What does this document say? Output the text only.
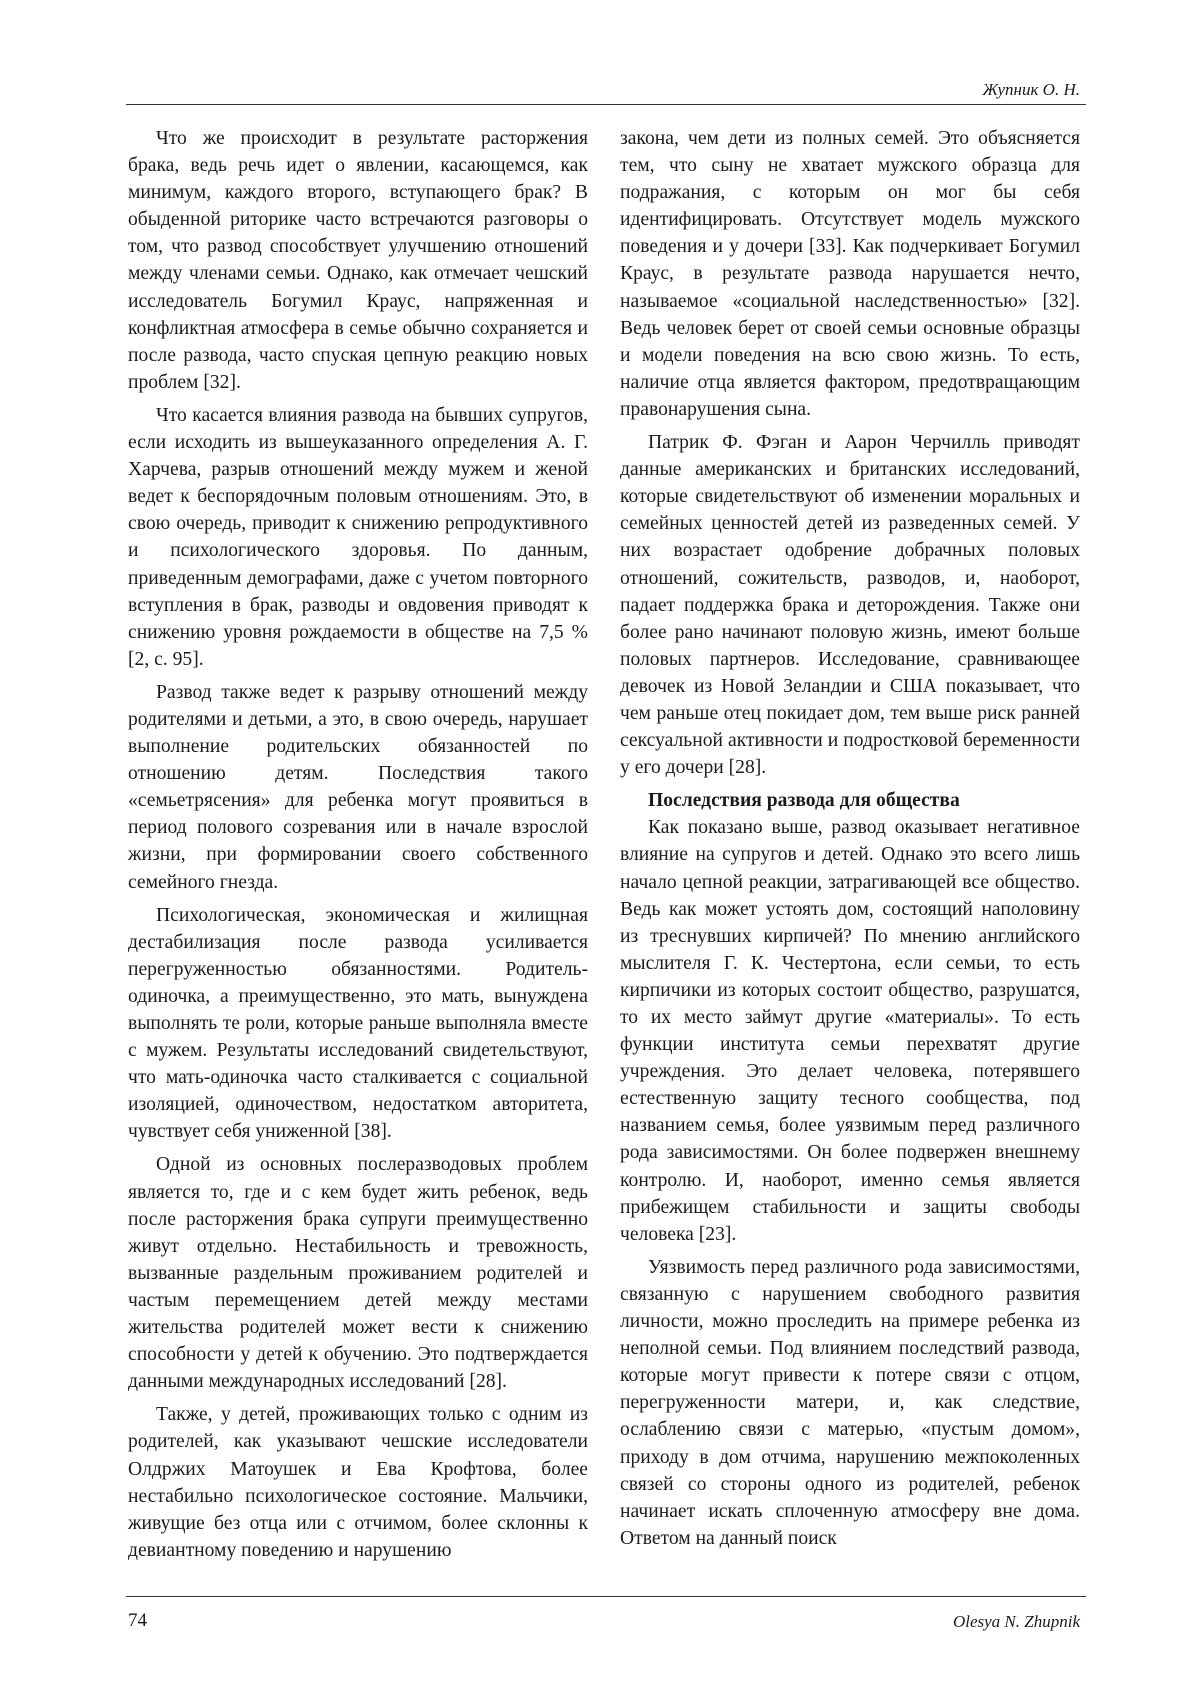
Жупник О. Н.

Что же происходит в результате расторжения брака, ведь речь идет о явлении, касающемся, как минимум, каждого второго, вступающего брак? В обыденной риторике часто встречаются разговоры о том, что развод способствует улучшению отношений между членами семьи. Однако, как отмечает чешский исследователь Богумил Краус, напряженная и конфликтная атмосфера в семье обычно сохраняется и после развода, часто спуская цепную реакцию новых проблем [32].

Что касается влияния развода на бывших супругов, если исходить из вышеуказанного определения А. Г. Харчева, разрыв отношений между мужем и женой ведет к беспорядочным половым отношениям. Это, в свою очередь, приводит к снижению репродуктивного и психологического здоровья. По данным, приведенным демографами, даже с учетом повторного вступления в брак, разводы и овдовения приводят к снижению уровня рождаемости в обществе на 7,5 % [2, с. 95].

Развод также ведет к разрыву отношений между родителями и детьми, а это, в свою очередь, нарушает выполнение родительских обязанностей по отношению детям. Последствия такого «семьетрясения» для ребенка могут проявиться в период полового созревания или в начале взрослой жизни, при формировании своего собственного семейного гнезда.

Психологическая, экономическая и жилищная дестабилизация после развода усиливается перегруженностью обязанностями. Родитель-одиночка, а преимущественно, это мать, вынуждена выполнять те роли, которые раньше выполняла вместе с мужем. Результаты исследований свидетельствуют, что мать-одиночка часто сталкивается с социальной изоляцией, одиночеством, недостатком авторитета, чувствует себя униженной [38].

Одной из основных послеразводовых проблем является то, где и с кем будет жить ребенок, ведь после расторжения брака супруги преимущественно живут отдельно. Нестабильность и тревожность, вызванные раздельным проживанием родителей и частым перемещением детей между местами жительства родителей может вести к снижению способности у детей к обучению. Это подтверждается данными международных исследований [28].

Также, у детей, проживающих только с одним из родителей, как указывают чешские исследователи Олдржих Матоушек и Ева Крофтова, более нестабильно психологическое состояние. Мальчики, живущие без отца или с отчимом, более склонны к девиантному поведению и нарушению

закона, чем дети из полных семей. Это объясняется тем, что сыну не хватает мужского образца для подражания, с которым он мог бы себя идентифицировать. Отсутствует модель мужского поведения и у дочери [33]. Как подчеркивает Богумил Краус, в результате развода нарушается нечто, называемое «социальной наследственностью» [32]. Ведь человек берет от своей семьи основные образцы и модели поведения на всю свою жизнь. То есть, наличие отца является фактором, предотвращающим правонарушения сына.

Патрик Ф. Фэган и Аарон Черчилль приводят данные американских и британских исследований, которые свидетельствуют об изменении моральных и семейных ценностей детей из разведенных семей. У них возрастает одобрение добрачных половых отношений, сожительств, разводов, и, наоборот, падает поддержка брака и деторождения. Также они более рано начинают половую жизнь, имеют больше половых партнеров. Исследование, сравнивающее девочек из Новой Зеландии и США показывает, что чем раньше отец покидает дом, тем выше риск ранней сексуальной активности и подростковой беременности у его дочери [28].

Последствия развода для общества

Как показано выше, развод оказывает негативное влияние на супругов и детей. Однако это всего лишь начало цепной реакции, затрагивающей все общество. Ведь как может устоять дом, состоящий наполовину из треснувших кирпичей? По мнению английского мыслителя Г. К. Честертона, если семьи, то есть кирпичики из которых состоит общество, разрушатся, то их место займут другие «материалы». То есть функции института семьи перехватят другие учреждения. Это делает человека, потерявшего естественную защиту тесного сообщества, под названием семья, более уязвимым перед различного рода зависимостями. Он более подвержен внешнему контролю. И, наоборот, именно семья является прибежищем стабильности и защиты свободы человека [23].

Уязвимость перед различного рода зависимостями, связанную с нарушением свободного развития личности, можно проследить на примере ребенка из неполной семьи. Под влиянием последствий развода, которые могут привести к потере связи с отцом, перегруженности матери, и, как следствие, ослаблению связи с матерью, «пустым домом», приходу в дом отчима, нарушению межпоколенных связей со стороны одного из родителей, ребенок начинает искать сплоченную атмосферу вне дома. Ответом на данный поиск

74	Olesya N. Zhupnik
